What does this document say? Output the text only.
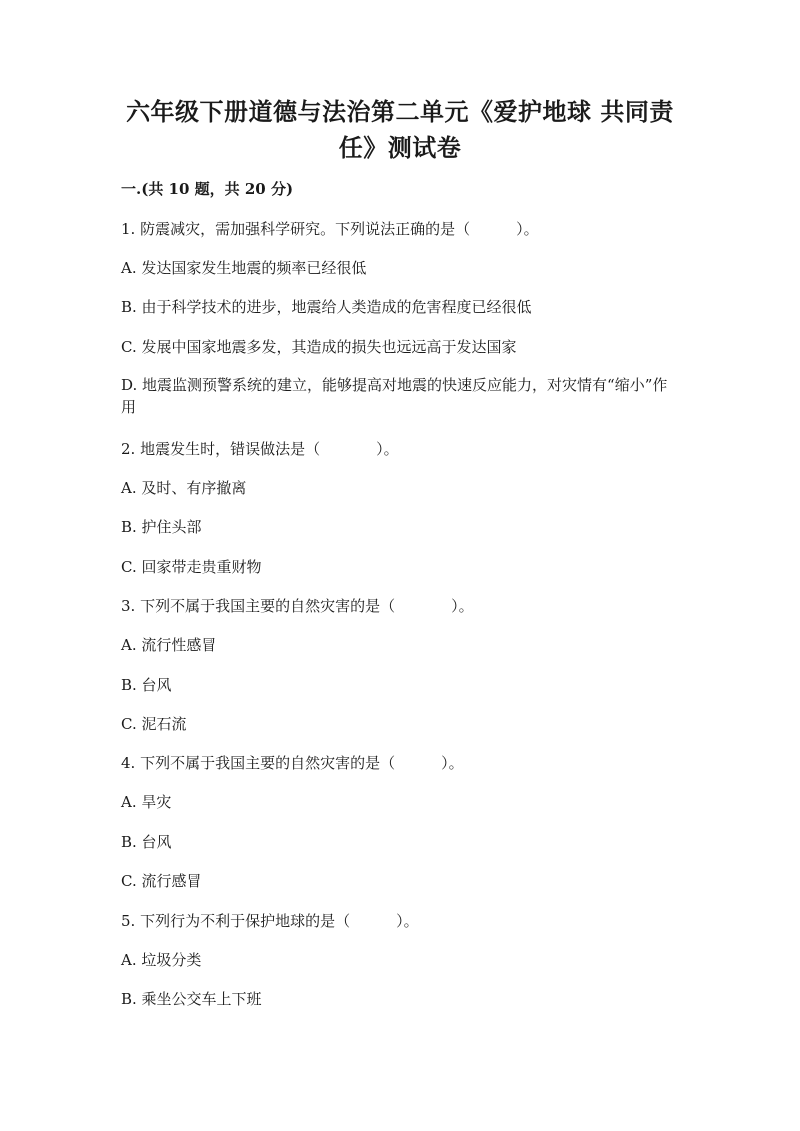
六年级下册道德与法治第二单元《爱护地球 共同责
任》测试卷

一.(共 10 题，共 20 分)

1. 防震减灾，需加强科学研究。下列说法正确的是（	）。

A. 发达国家发生地震的频率已经很低

B. 由于科学技术的进步，地震给人类造成的危害程度已经很低

C. 发展中国家地震多发，其造成的损失也远远高于发达国家

D. 地震监测预警系统的建立，能够提高对地震的快速反应能力，对灾情有“缩小”作用

2. 地震发生时，错误做法是（	）。

A. 及时、有序撤离

B. 护住头部

C. 回家带走贵重财物

3. 下列不属于我国主要的自然灾害的是（	）。

A. 流行性感冒

B. 台风

C. 泥石流

4. 下列不属于我国主要的自然灾害的是（	）。

A. 旱灾

B. 台风

C. 流行感冒

5. 下列行为不利于保护地球的是（	）。

A. 垃圾分类

B. 乘坐公交车上下班
